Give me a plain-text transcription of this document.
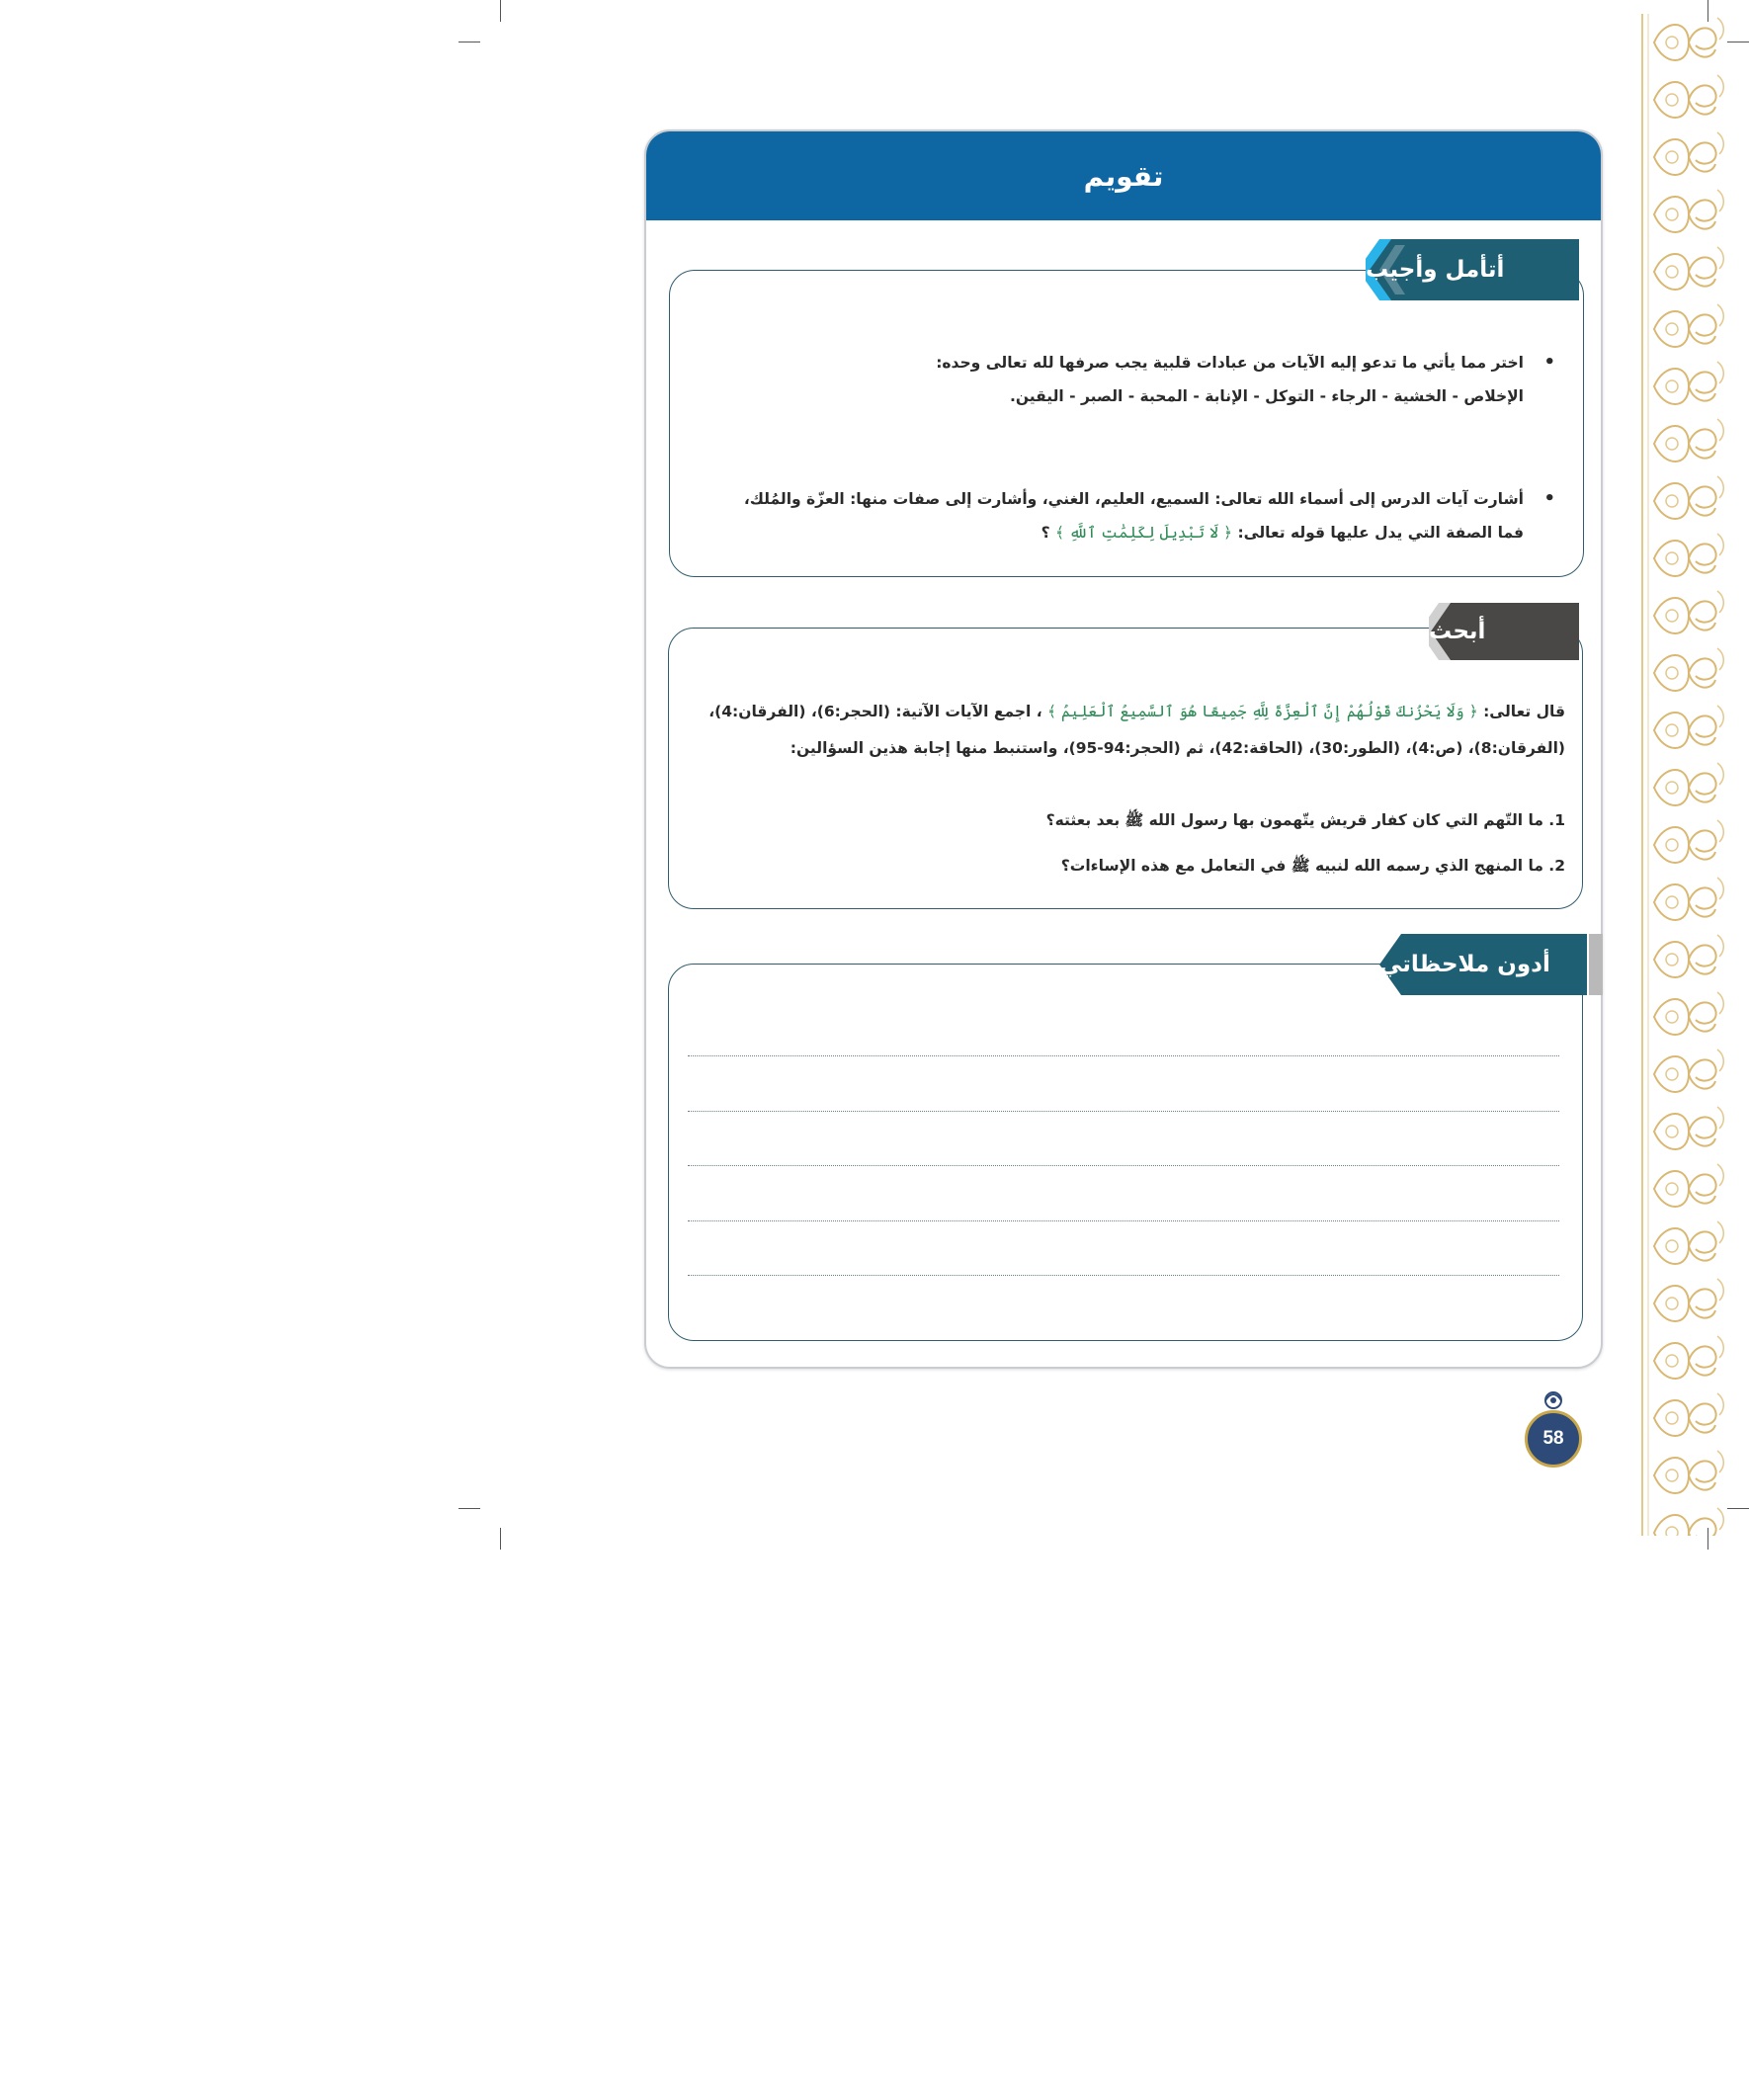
تقويم
أتأمل وأجيب
•
اختر مما يأتي ما تدعو إليه الآيات من عبادات قلبية يجب صرفها لله تعالى وحده:
الإخلاص - الخشية - الرجاء - التوكل - الإنابة - المحبة - الصبر - اليقين.
•
أشارت آيات الدرس إلى أسماء الله تعالى: السميع، العليم، الغني، وأشارت إلى صفات منها: العزّة والمُلك،
فما الصفة التي يدل عليها قوله تعالى: ﴿ لَا تَبْدِيلَ لِكَلِمَٰتِ ٱللَّهِ ﴾ ؟
أبحث
قال تعالى: ﴿ وَلَا يَحْزُنكَ قَوْلُهُمْ إِنَّ ٱلْعِزَّةَ لِلَّهِ جَمِيعًا هُوَ ٱلسَّمِيعُ ٱلْعَلِيمُ ﴾ ، اجمع الآيات الآتية: (الحجر:6)، (الفرقان:4)، (الفرقان:8)، (ص:4)، (الطور:30)، (الحاقة:42)، ثم (الحجر:94-95)، واستنبط منها إجابة هذين السؤالين:
1. ما التّهم التي كان كفار قريش يتّهمون بها رسول الله ﷺ بعد بعثته؟
2. ما المنهج الذي رسمه الله لنبيه ﷺ في التعامل مع هذه الإساءات؟
أدون ملاحظاتي
58
